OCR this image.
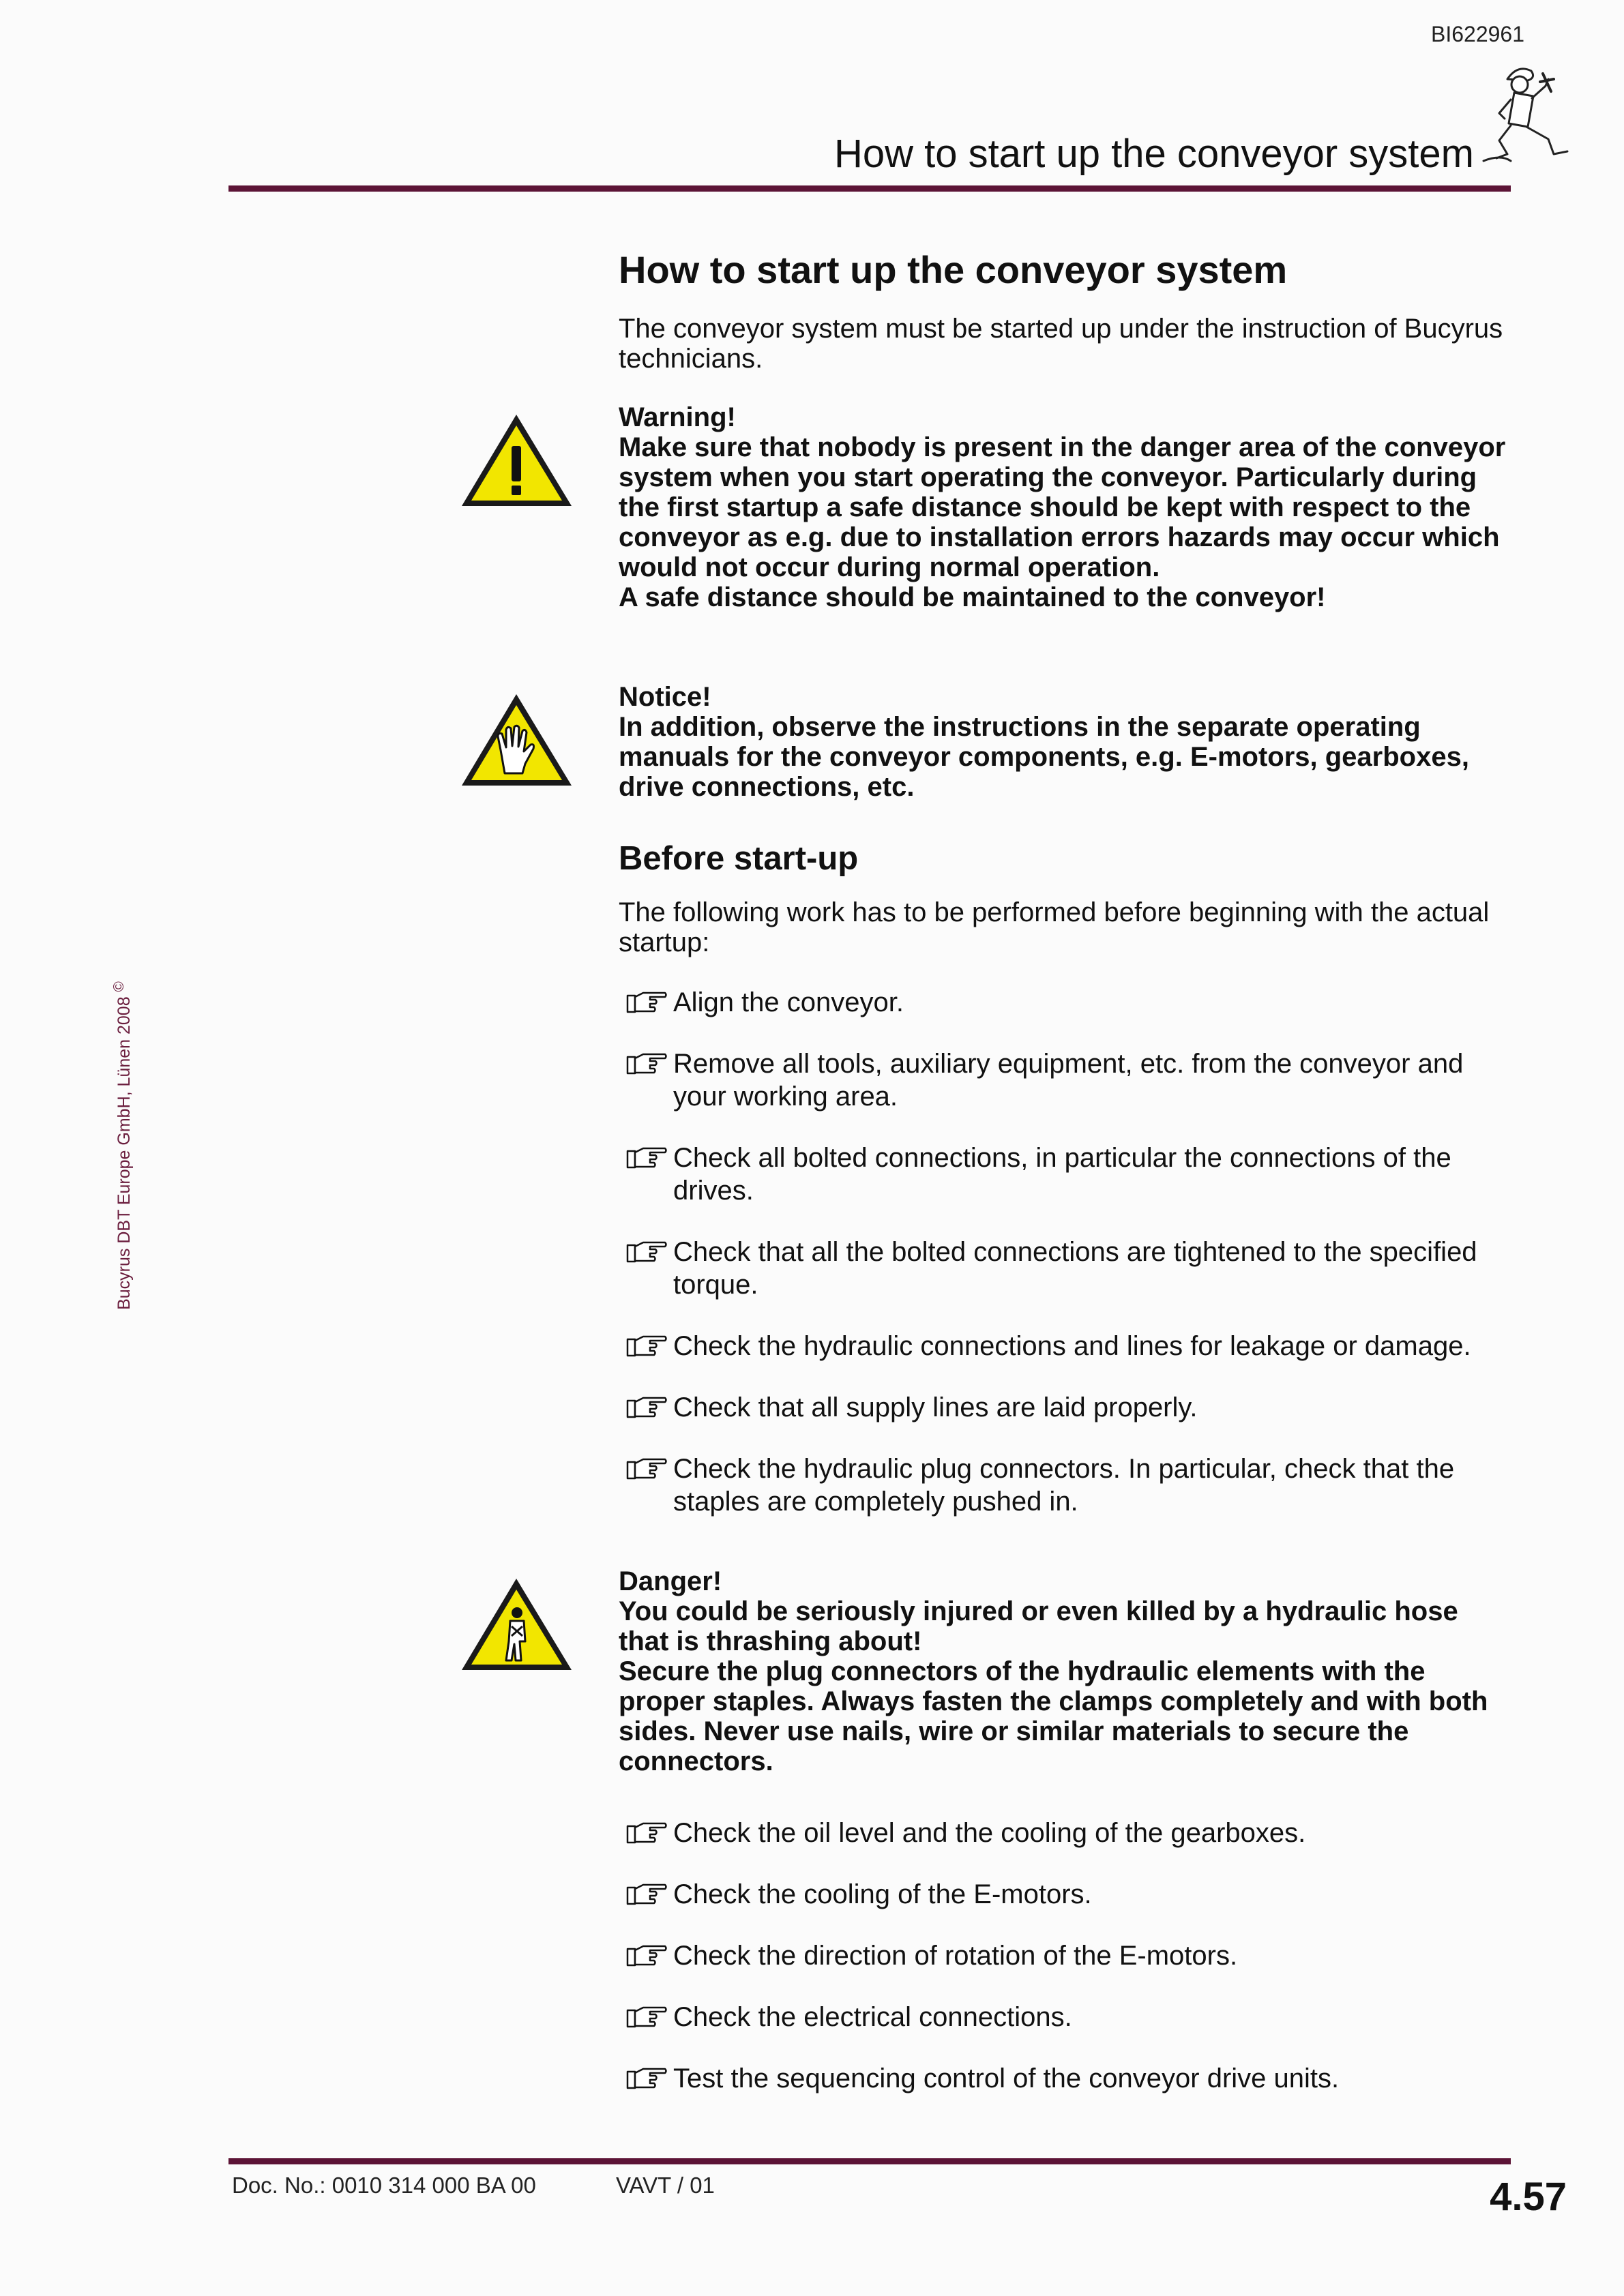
BI622961
How to start up the conveyor system
Bucyrus DBT Europe GmbH, Lünen 2008 ©
How to start up the conveyor system
The conveyor system must be started up under the instruction of Bucyrus technicians.

Warning!

Make sure that nobody is present in the danger area of the conveyor system when you start operating the conveyor. Particularly during the first startup a safe distance should be kept with respect to the conveyor as e.g. due to installation errors hazards may occur which would not occur during normal operation.

A safe distance should be maintained to the conveyor!

Notice!

In addition, observe the instructions in the separate operating manuals for the conveyor components, e.g. E-motors, gearboxes, drive connections, etc.

Before start-up
The following work has to be performed before beginning with the actual startup:
Align the conveyor.
Remove all tools, auxiliary equipment, etc. from the conveyor and your working area.
Check all bolted connections, in particular the connections of the drives.
Check that all the bolted connections are tightened to the specified torque.
Check the hydraulic connections and lines for leakage or damage.
Check that all supply lines are laid properly.
Check the hydraulic plug connectors. In particular, check that the staples are completely pushed in.

Danger!

You could be seriously injured or even killed by a hydraulic hose that is thrashing about!

Secure the plug connectors of the hydraulic elements with the proper staples. Always fasten the clamps completely and with both sides. Never use nails, wire or similar materials to secure the connectors.

Check the oil level and the cooling of the gearboxes.
Check the cooling of the E-motors.
Check the direction of rotation of the E-motors.
Check the electrical connections.
Test the sequencing control of the conveyor drive units.
Doc. No.: 0010 314 000 BA 00	VAVT / 01	4.57
